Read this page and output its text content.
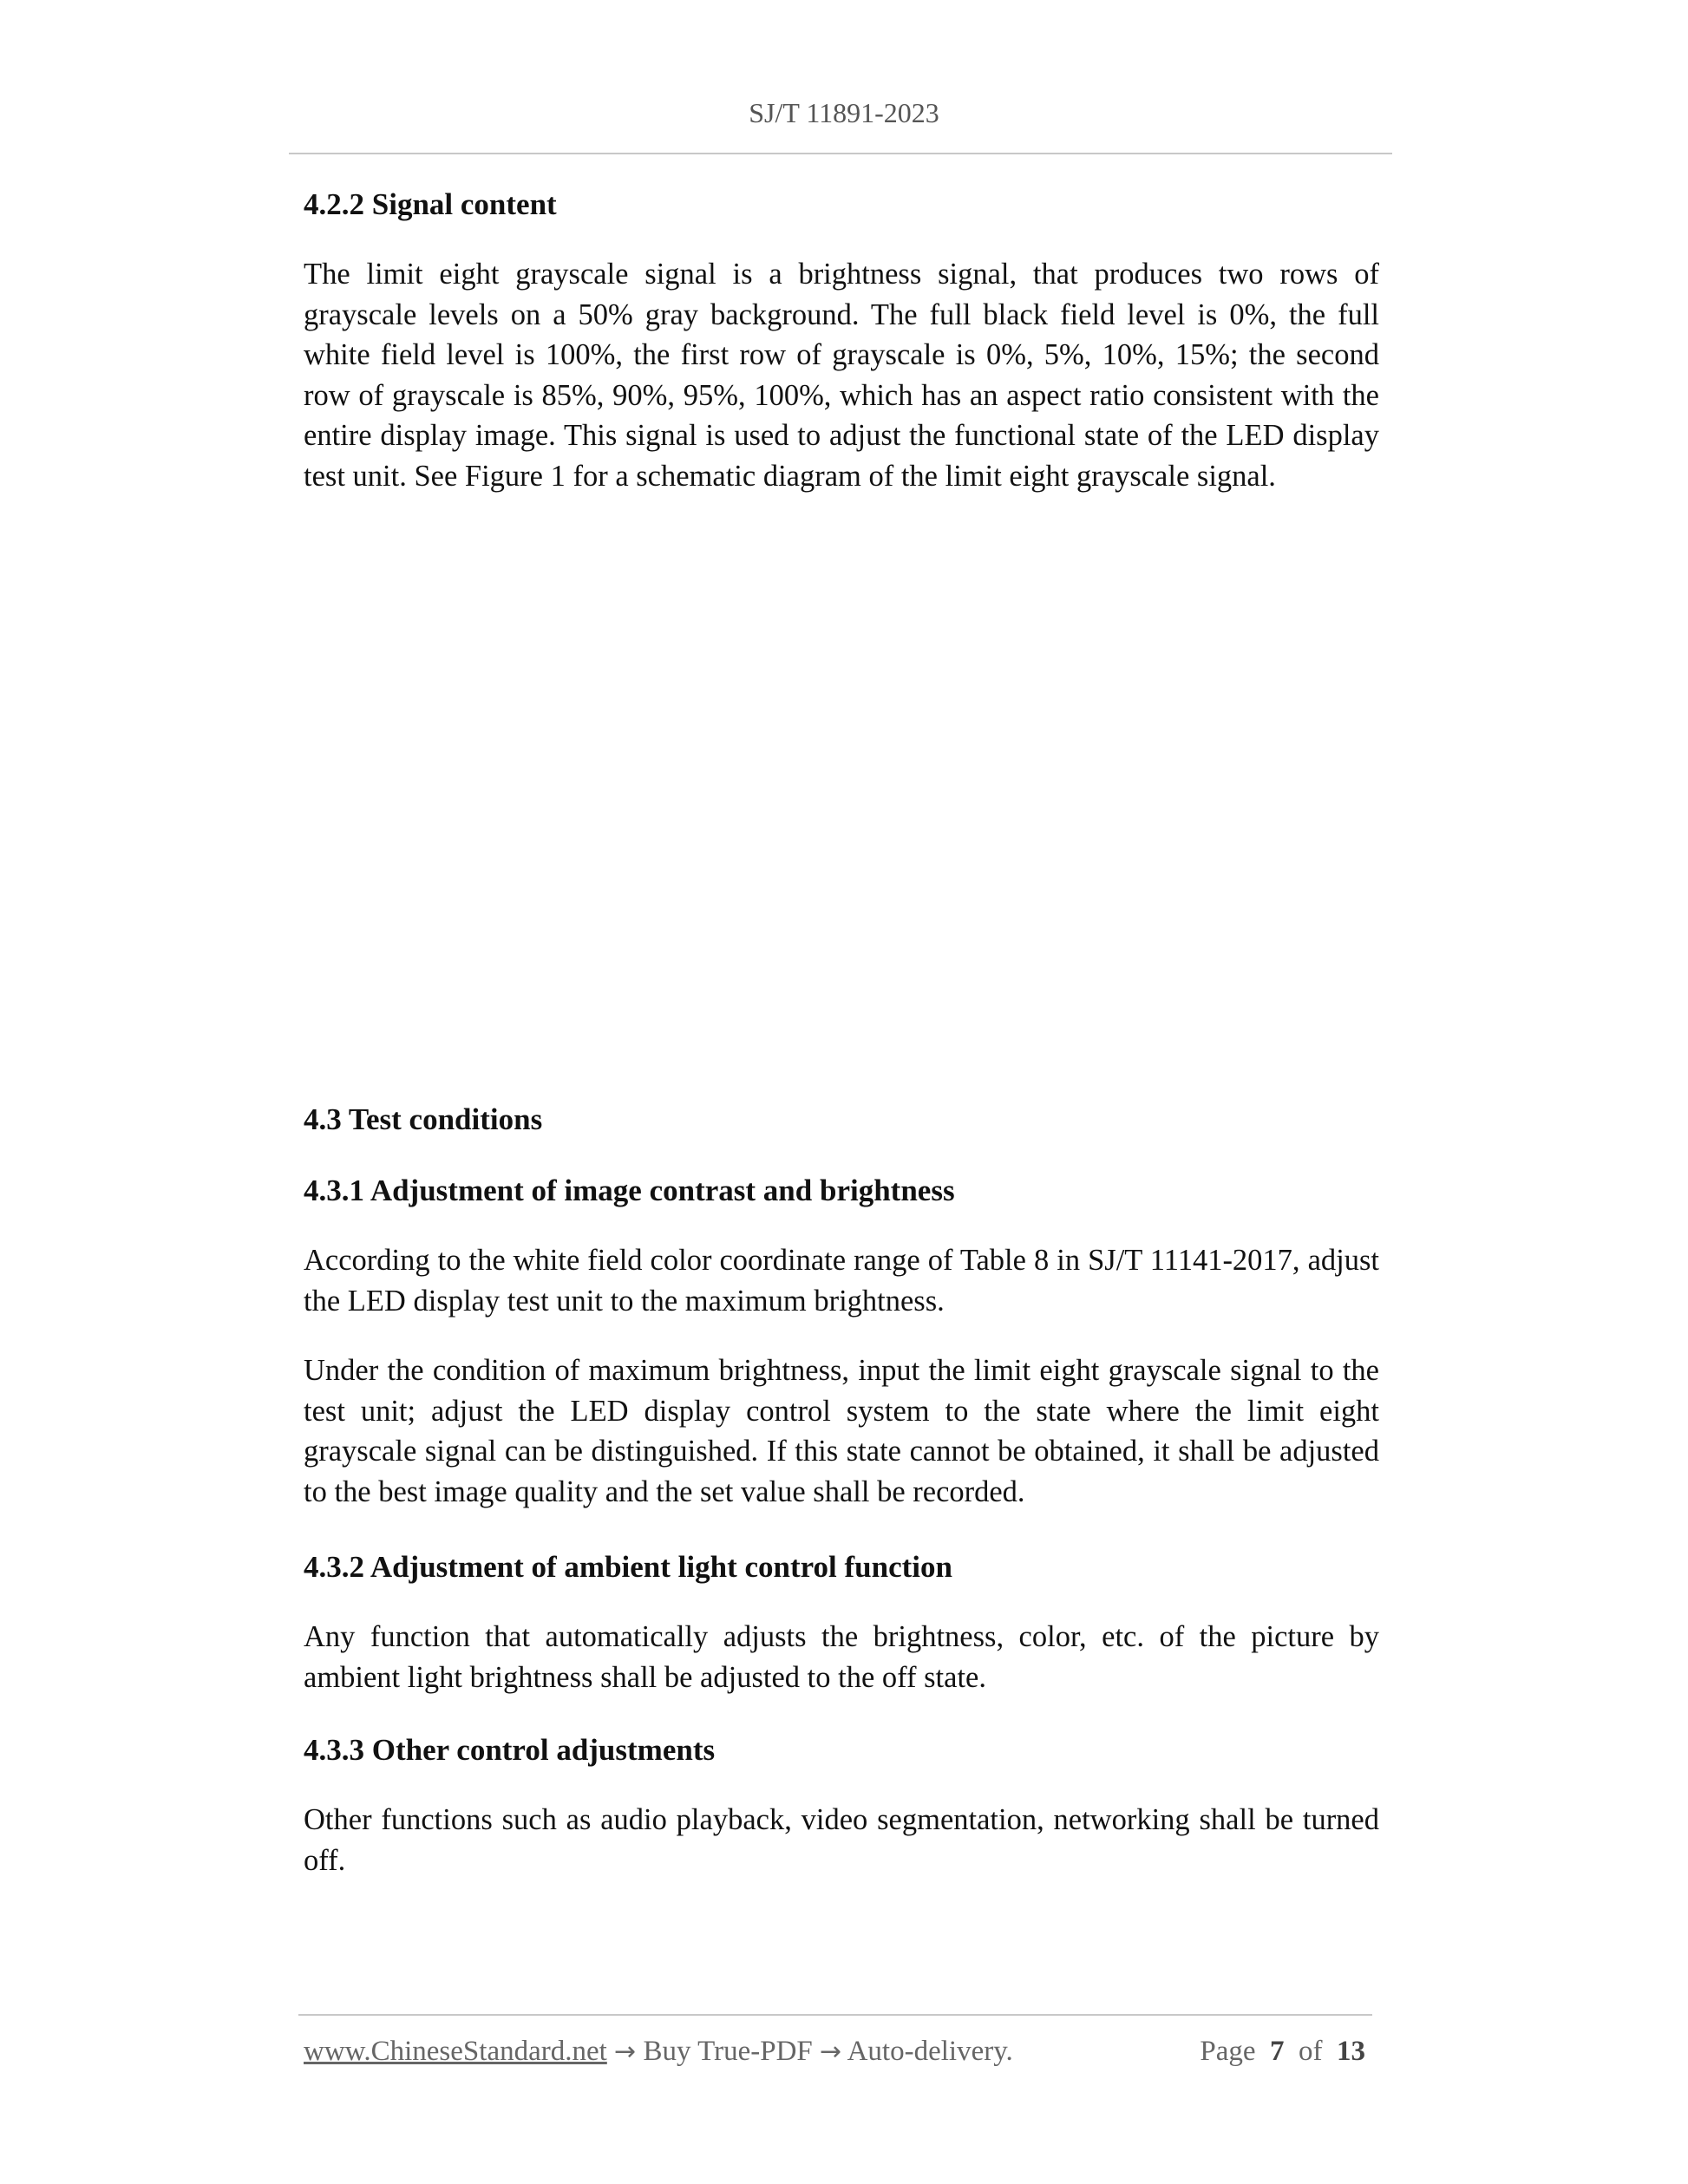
SJ/T 11891-2023
4.2.2 Signal content

The limit eight grayscale signal is a brightness signal, that produces two rows of grayscale levels on a 50% gray background. The full black field level is 0%, the full white field level is 100%, the first row of grayscale is 0%, 5%, 10%, 15%; the second row of grayscale is 85%, 90%, 95%, 100%, which has an aspect ratio consistent with the entire display image. This signal is used to adjust the functional state of the LED display test unit. See Figure 1 for a schematic diagram of the limit eight grayscale signal.

4.3 Test conditions
4.3.1 Adjustment of image contrast and brightness

According to the white field color coordinate range of Table 8 in SJ/T 11141-2017, adjust the LED display test unit to the maximum brightness.

Under the condition of maximum brightness, input the limit eight grayscale signal to the test unit; adjust the LED display control system to the state where the limit eight grayscale signal can be distinguished. If this state cannot be obtained, it shall be adjusted to the best image quality and the set value shall be recorded.

4.3.2 Adjustment of ambient light control function

Any function that automatically adjusts the brightness, color, etc. of the picture by ambient light brightness shall be adjusted to the off state.

4.3.3 Other control adjustments

Other functions such as audio playback, video segmentation, networking shall be turned off.

www.ChineseStandard.net → Buy True-PDF → Auto-delivery.	Page 7 of 13
